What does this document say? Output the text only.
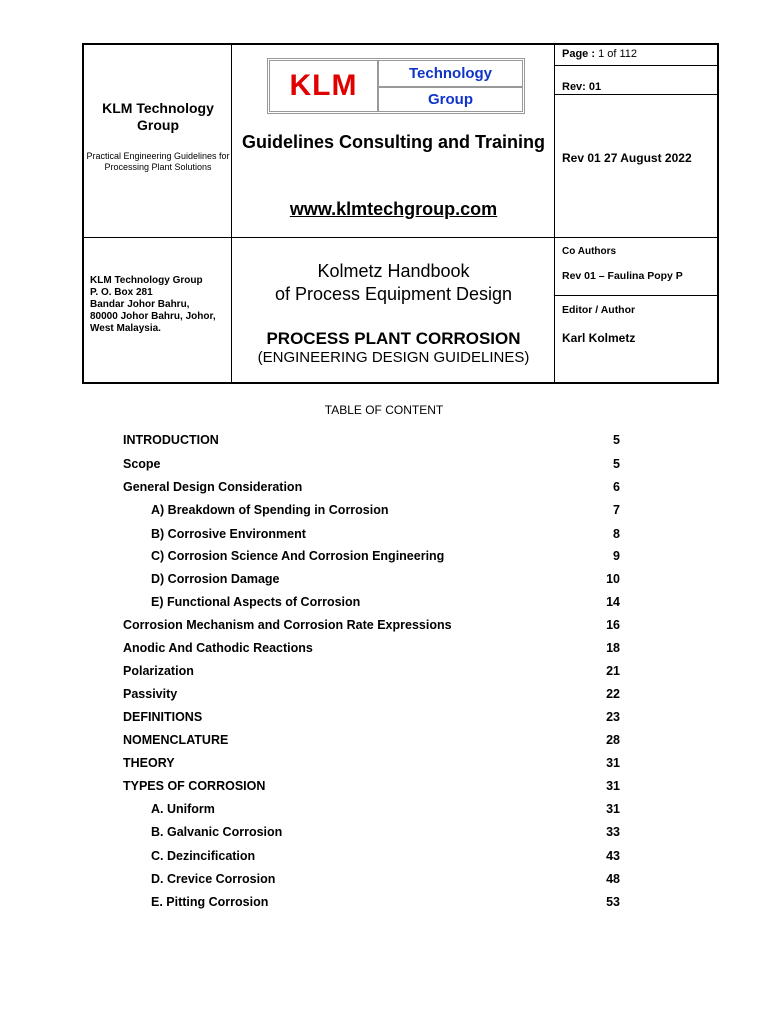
KLM Technology Group
Practical Engineering Guidelines for Processing Plant Solutions
KLM	Technology
Group
Guidelines Consulting and Training
www.klmtechgroup.com
Page : 1 of 112
Rev: 01
Rev 01 27 August 2022
KLM Technology Group
P. O. Box 281
Bandar Johor Bahru,
80000 Johor Bahru, Johor,
West Malaysia.
Kolmetz Handbook
of Process Equipment Design
PROCESS PLANT CORROSION
(ENGINEERING DESIGN GUIDELINES)
Co Authors
Rev 01 – Faulina Popy P
Editor / Author
Karl Kolmetz
TABLE OF CONTENT
INTRODUCTION	5
Scope	5
General Design Consideration	6
A) Breakdown of Spending in Corrosion	7
B) Corrosive Environment	8
C) Corrosion Science And Corrosion Engineering	9
D) Corrosion Damage	10
E) Functional Aspects of Corrosion	14
Corrosion Mechanism and Corrosion Rate Expressions	16
Anodic And Cathodic Reactions	18
Polarization	21
Passivity	22
DEFINITIONS	23
NOMENCLATURE	28
THEORY	31
TYPES OF CORROSION	31
A. Uniform	31
B. Galvanic Corrosion	33
C. Dezincification	43
D. Crevice Corrosion	48
E. Pitting Corrosion	53
